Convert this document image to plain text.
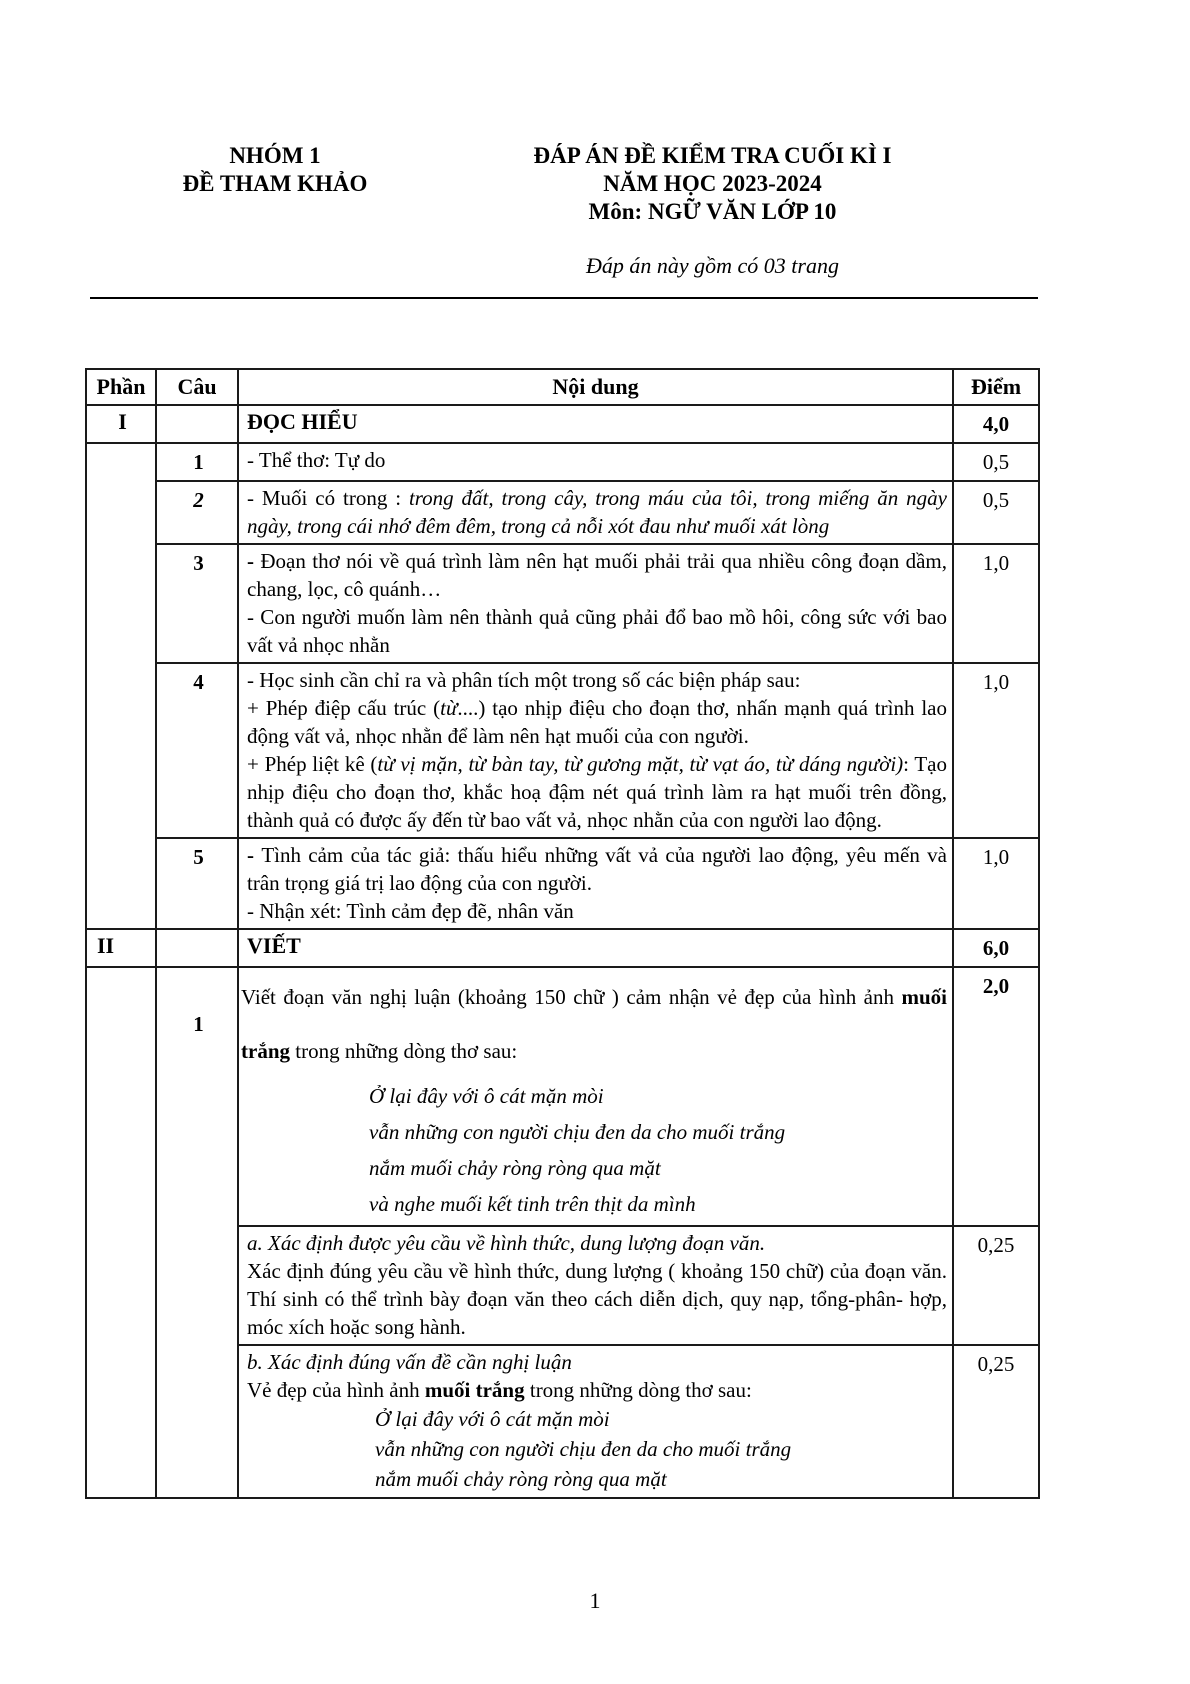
NHÓM 1
ĐỀ THAM KHẢO
ĐÁP ÁN ĐỀ KIỂM TRA CUỐI KÌ I
NĂM HỌC 2023-2024
Môn: NGỮ VĂN LỚP 10
Đáp án này gồm có 03 trang
Phần	Câu	Nội dung	Điểm
I		ĐỌC HIỂU	4,0
	1	- Thể thơ: Tự do	0,5
	2	- Muối có trong : trong đất, trong cây, trong máu của tôi, trong miếng ăn ngày ngày, trong cái nhớ đêm đêm, trong cả nỗi xót đau như muối xát lòng	0,5
	3	- Đoạn thơ nói về quá trình làm nên hạt muối phải trải qua nhiều công đoạn dầm, chang, lọc, cô quánh…

- Con người muốn làm nên thành quả cũng phải đổ bao mồ hôi, công sức với bao vất vả nhọc nhằn	1,0
	4	- Học sinh cần chỉ ra và phân tích một trong số các biện pháp sau:

+ Phép điệp cấu trúc (từ....) tạo nhịp điệu cho đoạn thơ, nhấn mạnh quá trình lao động vất vả, nhọc nhằn để làm nên hạt muối của con người.

+ Phép liệt kê (từ vị mặn, từ bàn tay, từ gương mặt, từ vạt áo, từ dáng người): Tạo nhịp điệu cho đoạn thơ, khắc hoạ đậm nét quá trình làm ra hạt muối trên đồng, thành quả có được ấy đến từ bao vất vả, nhọc nhằn của con người lao động.	1,0
	5	- Tình cảm của tác giả: thấu hiểu những vất vả của người lao động, yêu mến và trân trọng giá trị lao động của con người.

- Nhận xét: Tình cảm đẹp đẽ, nhân văn	1,0
II		VIẾT	6,0
	1	Viết đoạn văn nghị luận (khoảng 150 chữ ) cảm nhận vẻ đẹp của hình ảnh muối trắng trong những dòng thơ sau:

Ở lại đây với ô cát mặn mòi
vẫn những con người chịu đen da cho muối trắng
nắm muối chảy ròng ròng qua mặt
và nghe muối kết tinh trên thịt da mình	2,0

		a. Xác định được yêu cầu về hình thức, dung lượng đoạn văn.

Xác định đúng yêu cầu về hình thức, dung lượng ( khoảng 150 chữ) của đoạn văn. Thí sinh có thể trình bày đoạn văn theo cách diễn dịch, quy nạp, tổng-phân- hợp, móc xích hoặc song hành.	0,25

		b. Xác định đúng vấn đề cần nghị luận

Vẻ đẹp của hình ảnh muối trắng trong những dòng thơ sau:

Ở lại đây với ô cát mặn mòi
vẫn những con người chịu đen da cho muối trắng
nắm muối chảy ròng ròng qua mặt	0,25
1
